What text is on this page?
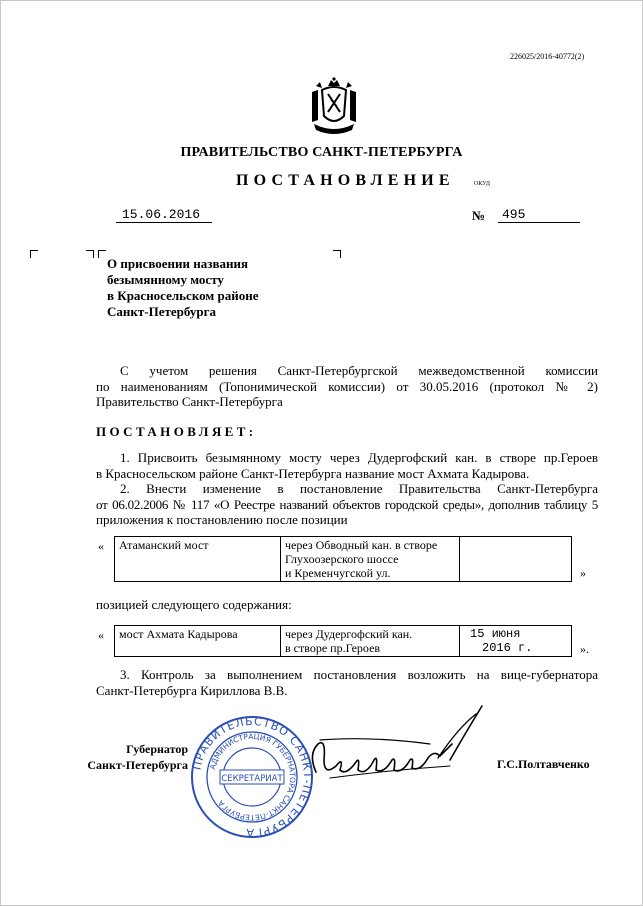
226025/2016-40772(2)
ПРАВИТЕЛЬСТВО САНКТ-ПЕТЕРБУРГА
ПОСТАНОВЛЕНИЕ	ОКУД
15.06.2016	№	495
О присвоении названия
безымянному мосту
в Красносельском районе
Санкт-Петербурга
С учетом решения Санкт-Петербургской межведомственной комиссии
по наименованиям (Топонимической комиссии) от 30.05.2016 (протокол № 2)
Правительство Санкт-Петербурга
ПОСТАНОВЛЯЕТ:
1. Присвоить безымянному мосту через Дудергофский кан. в створе пр.Героев
в Красносельском районе Санкт-Петербурга название мост Ахмата Кадырова.
2. Внести изменение в постановление Правительства Санкт-Петербурга
от 06.02.2006 № 117 «О Реестре названий объектов городской среды», дополнив таблицу 5
приложения к постановлению после позиции
« Атаманский мост	через Обводный кан. в створе
Глухоозерского шоссе
и Кременчугской ул.
		»
позицией следующего содержания:
« мост Ахмата Кадырова	через Дудергофский кан.
в створе пр.Героев

15 июня
2016 г.	».
3. Контроль за выполнением постановления возложить на вице-губернатора
Санкт-Петербурга Кириллова В.В.
ПРАВИТЕЛЬСТВО САНКТ-ПЕТЕРБУРГА
АДМИНИСТРАЦИЯ ГУБЕРНАТОРА САНКТ-ПЕТЕРБУРГА
СЕКРЕТАРИАТ
Губернатор
Санкт-Петербурга	Г.С.Полтавченко
